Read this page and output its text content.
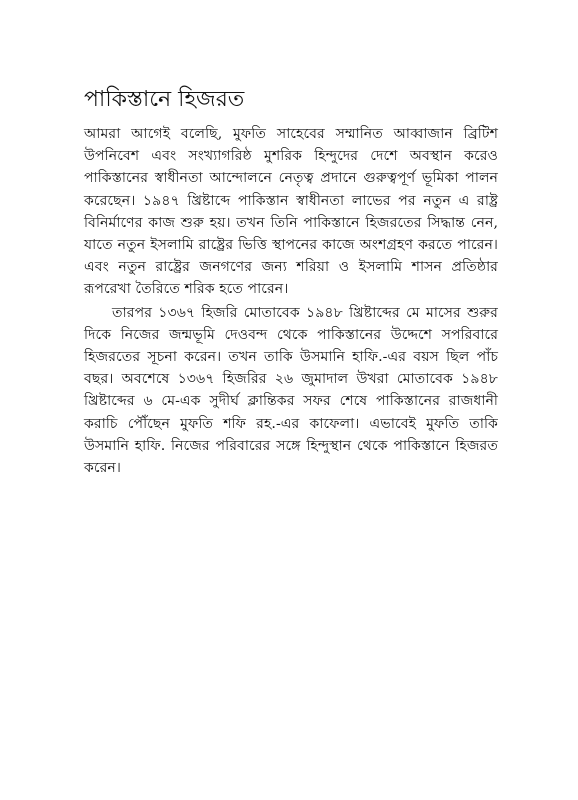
পাকিস্তানে হিজরত

আমরা আগেই বলেছি, মুফতি সাহেবের সম্মানিত আব্বাজান ব্রিটিশ উপনিবেশ এবং সংখ্যাগরিষ্ঠ মুশরিক হিন্দুদের দেশে অবস্থান করেও পাকিস্তানের স্বাধীনতা আন্দোলনে নেতৃত্ব প্রদানে গুরুত্বপূর্ণ ভূমিকা পালন করেছেন। ১৯৪৭ খ্রিষ্টাব্দে পাকিস্তান স্বাধীনতা লাভের পর নতুন এ রাষ্ট্র বিনির্মাণের কাজ শুরু হয়। তখন তিনি পাকিস্তানে হিজরতের সিদ্ধান্ত নেন, যাতে নতুন ইসলামি রাষ্ট্রের ভিত্তি স্থাপনের কাজে অংশগ্রহণ করতে পারেন। এবং নতুন রাষ্ট্রের জনগণের জন্য শরিয়া ও ইসলামি শাসন প্রতিষ্ঠার রূপরেখা তৈরিতে শরিক হতে পারেন।

তারপর ১৩৬৭ হিজরি মোতাবেক ১৯৪৮ খ্রিষ্টাব্দের মে মাসের শুরুর দিকে নিজের জন্মভূমি দেওবন্দ থেকে পাকিস্তানের উদ্দেশে সপরিবারে হিজরতের সূচনা করেন। তখন তাকি উসমানি হাফি.-এর বয়স ছিল পাঁচ বছর। অবশেষে ১৩৬৭ হিজরির ২৬ জুমাদাল উখরা মোতাবেক ১৯৪৮ খ্রিষ্টাব্দের ৬ মে-এক সুদীর্ঘ ক্লান্তিকর সফর শেষে পাকিস্তানের রাজধানী করাচি পৌঁছেন মুফতি শফি রহ.-এর কাফেলা। এভাবেই মুফতি তাকি উসমানি হাফি. নিজের পরিবারের সঙ্গে হিন্দুস্থান থেকে পাকিস্তানে হিজরত করেন।
